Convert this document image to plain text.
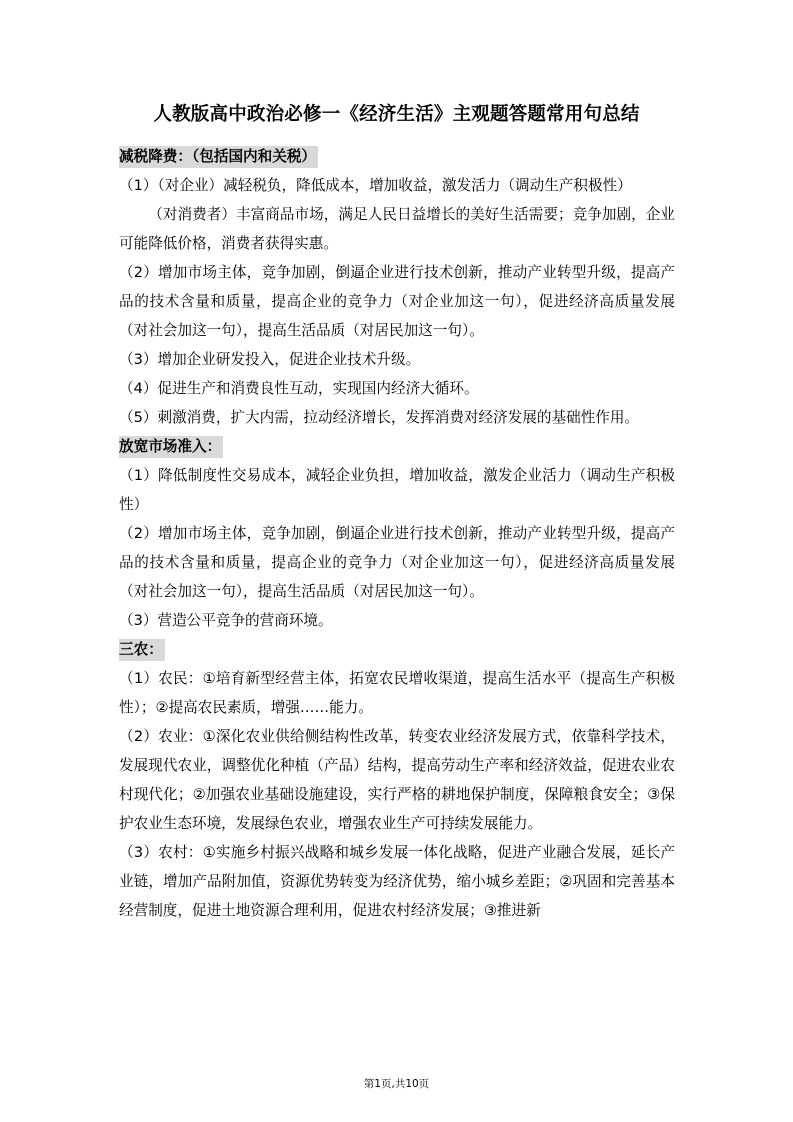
人教版高中政治必修一《经济生活》主观题答题常用句总结
减税降费：（包括国内和关税）

（1）（对企业）减轻税负，降低成本，增加收益，激发活力（调动生产积极性）

（对消费者）丰富商品市场，满足人民日益增长的美好生活需要；竞争加剧，企业可能降低价格，消费者获得实惠。

（2）增加市场主体，竞争加剧，倒逼企业进行技术创新，推动产业转型升级，提高产品的技术含量和质量，提高企业的竞争力（对企业加这一句），促进经济高质量发展（对社会加这一句），提高生活品质（对居民加这一句）。

（3）增加企业研发投入，促进企业技术升级。

（4）促进生产和消费良性互动，实现国内经济大循环。

（5）刺激消费，扩大内需，拉动经济增长，发挥消费对经济发展的基础性作用。

放宽市场准入：

（1）降低制度性交易成本，减轻企业负担，增加收益，激发企业活力（调动生产积极性）

（2）增加市场主体，竞争加剧，倒逼企业进行技术创新，推动产业转型升级，提高产品的技术含量和质量，提高企业的竞争力（对企业加这一句），促进经济高质量发展（对社会加这一句），提高生活品质（对居民加这一句）。

（3）营造公平竞争的营商环境。

三农：

（1）农民：①培育新型经营主体，拓宽农民增收渠道，提高生活水平（提高生产积极性）；②提高农民素质，增强……能力。

（2）农业：①深化农业供给侧结构性改革，转变农业经济发展方式，依靠科学技术，发展现代农业，调整优化种植（产品）结构，提高劳动生产率和经济效益，促进农业农村现代化；②加强农业基础设施建设，实行严格的耕地保护制度，保障粮食安全；③保护农业生态环境，发展绿色农业，增强农业生产可持续发展能力。

（3）农村：①实施乡村振兴战略和城乡发展一体化战略，促进产业融合发展，延长产业链，增加产品附加值，资源优势转变为经济优势，缩小城乡差距；②巩固和完善基本经营制度，促进土地资源合理利用，促进农村经济发展；③推进新

第1页,共10页
